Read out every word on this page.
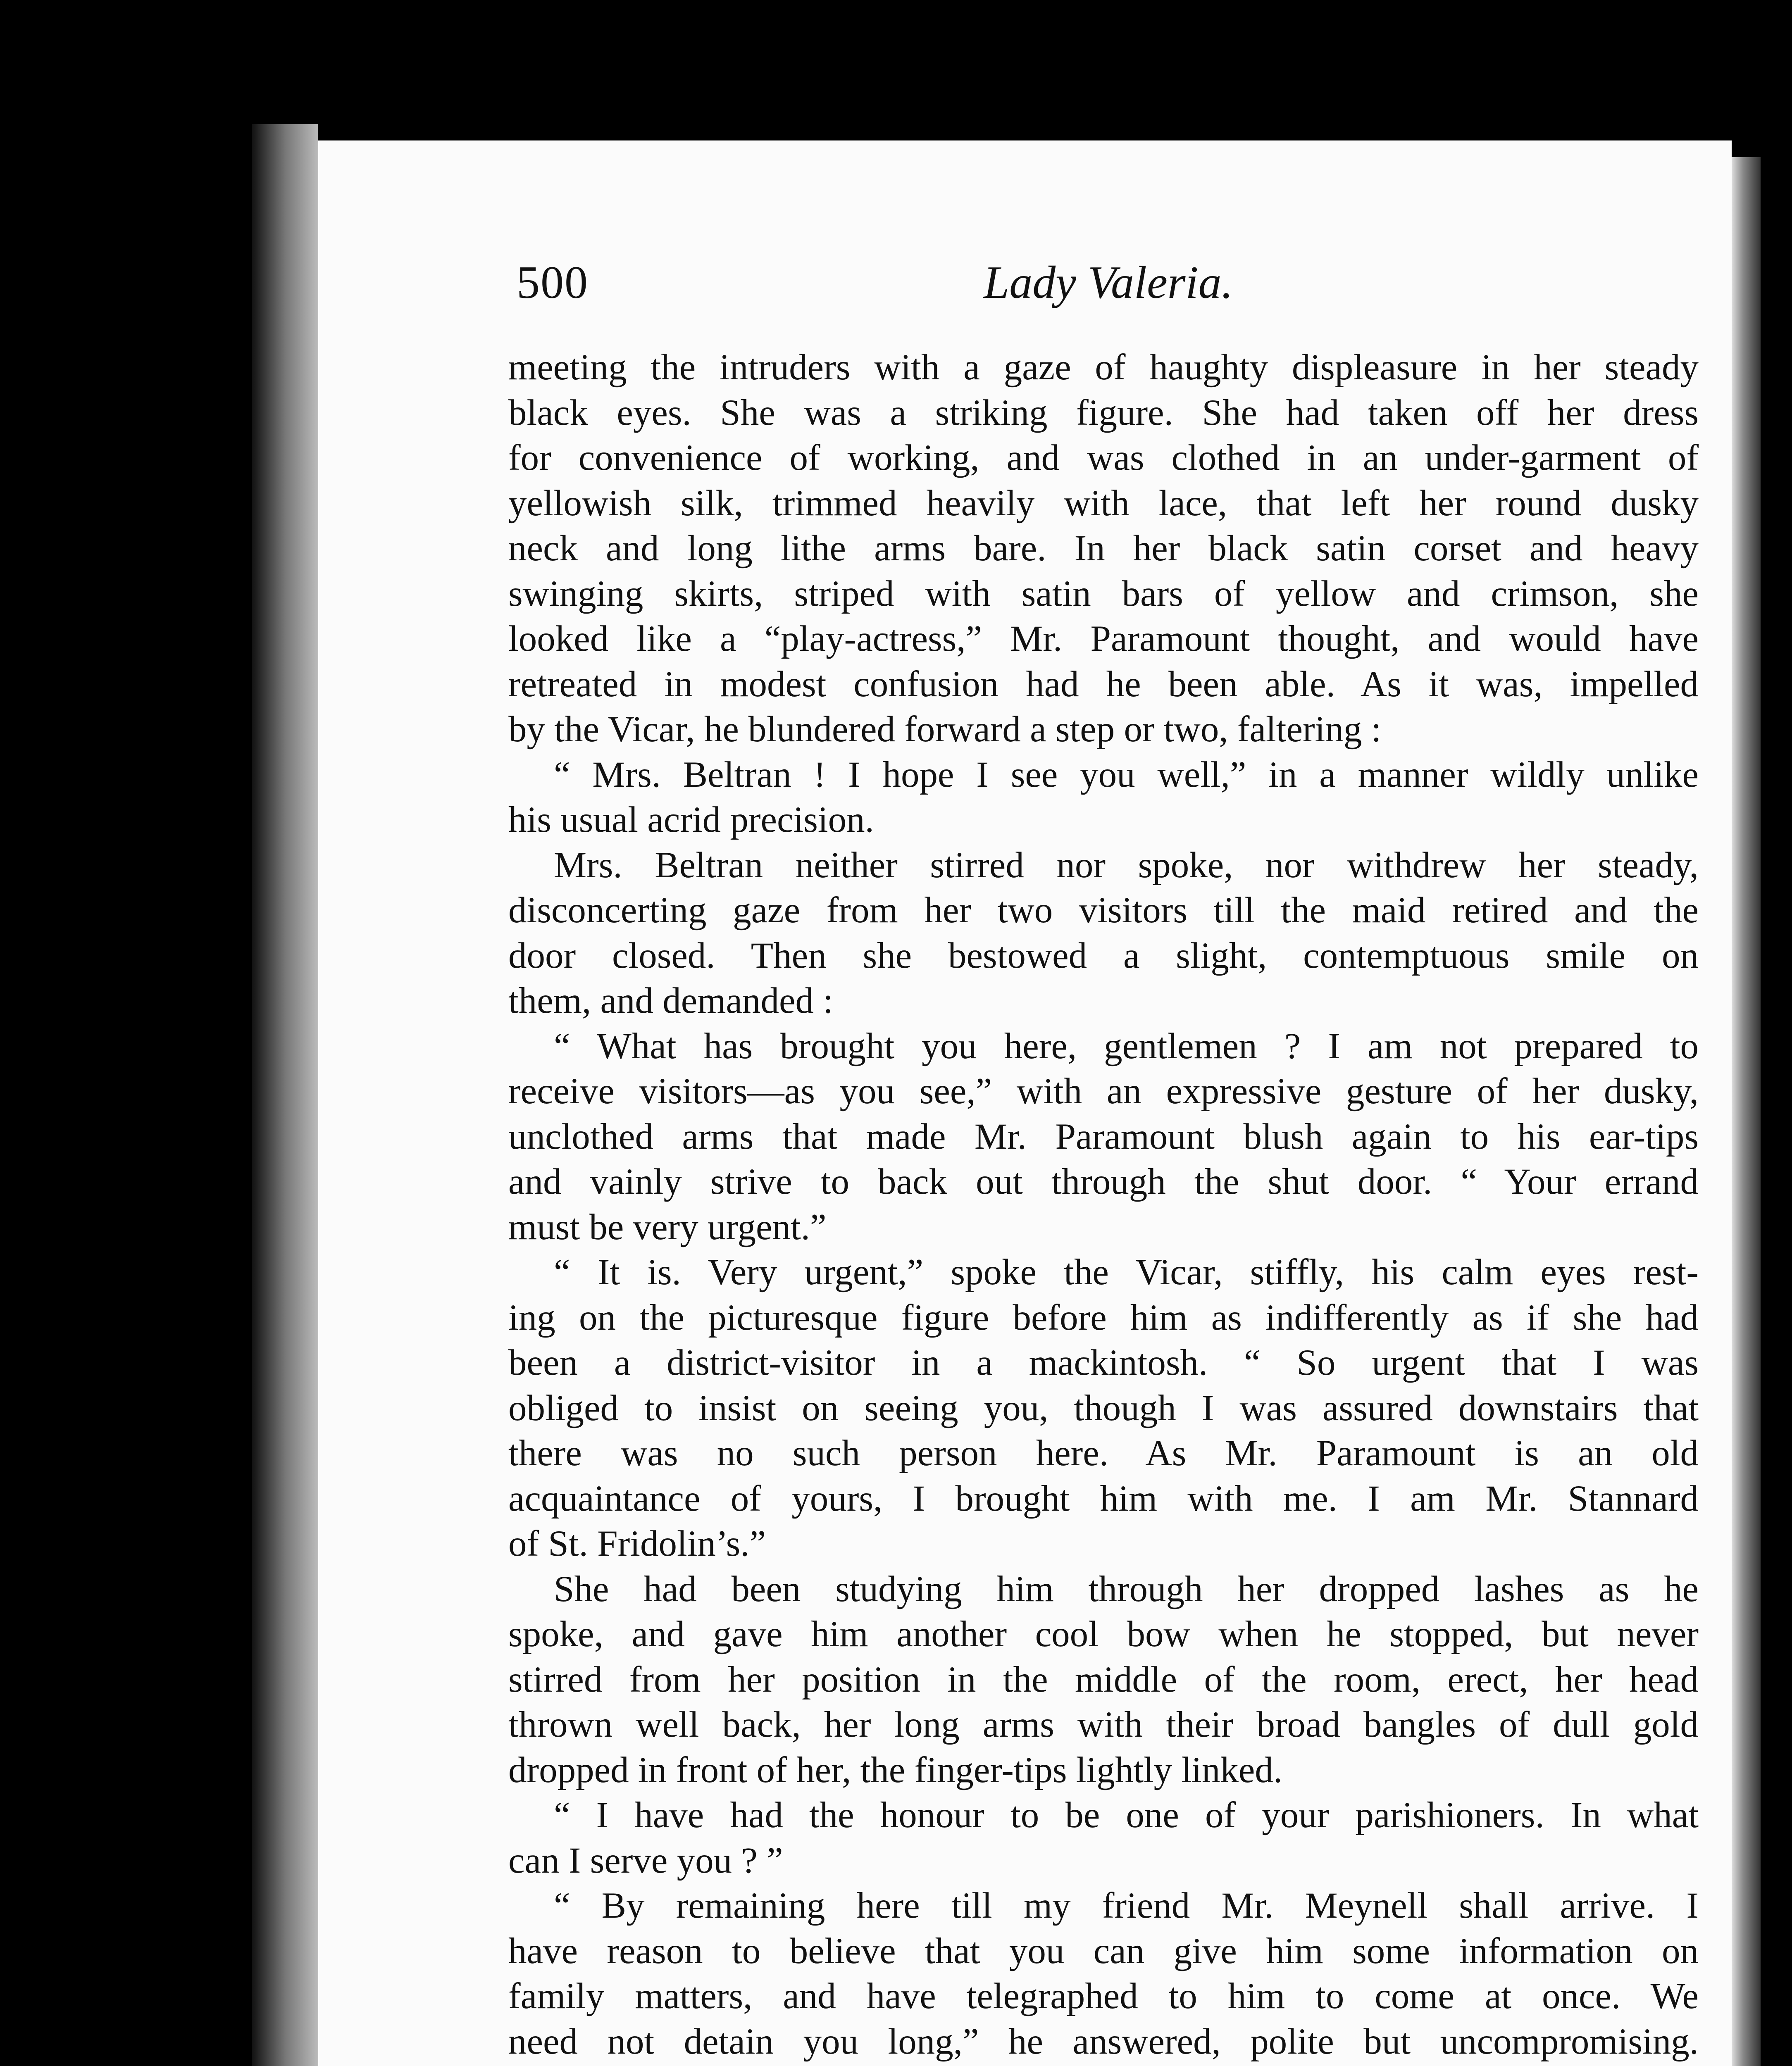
500	Lady Valeria.
meeting the intruders with a gaze of haughty displeasure in her steady
black eyes. She was a striking figure. She had taken off her dress
for convenience of working, and was clothed in an under-garment of
yellowish silk, trimmed heavily with lace, that left her round dusky
neck and long lithe arms bare. In her black satin corset and heavy
swinging skirts, striped with satin bars of yellow and crimson, she
looked like a “play-actress,” Mr. Paramount thought, and would have
retreated in modest confusion had he been able. As it was, impelled
by the Vicar, he blundered forward a step or two, faltering :
“ Mrs. Beltran ! I hope I see you well,” in a manner wildly unlike
his usual acrid precision.
Mrs. Beltran neither stirred nor spoke, nor withdrew her steady,
disconcerting gaze from her two visitors till the maid retired and the
door closed. Then she bestowed a slight, contemptuous smile on
them, and demanded :
“ What has brought you here, gentlemen ? I am not prepared to
receive visitors—as you see,” with an expressive gesture of her dusky,
unclothed arms that made Mr. Paramount blush again to his ear-tips
and vainly strive to back out through the shut door. “ Your errand
must be very urgent.”
“ It is. Very urgent,” spoke the Vicar, stiffly, his calm eyes rest-
ing on the picturesque figure before him as indifferently as if she had
been a district-visitor in a mackintosh. “ So urgent that I was
obliged to insist on seeing you, though I was assured downstairs that
there was no such person here. As Mr. Paramount is an old
acquaintance of yours, I brought him with me. I am Mr. Stannard
of St. Fridolin’s.”
She had been studying him through her dropped lashes as he
spoke, and gave him another cool bow when he stopped, but never
stirred from her position in the middle of the room, erect, her head
thrown well back, her long arms with their broad bangles of dull gold
dropped in front of her, the finger-tips lightly linked.
“ I have had the honour to be one of your parishioners. In what
can I serve you ? ”
“ By remaining here till my friend Mr. Meynell shall arrive. I
have reason to believe that you can give him some information on
family matters, and have telegraphed to him to come at once. We
need not detain you long,” he answered, polite but uncompromising.
